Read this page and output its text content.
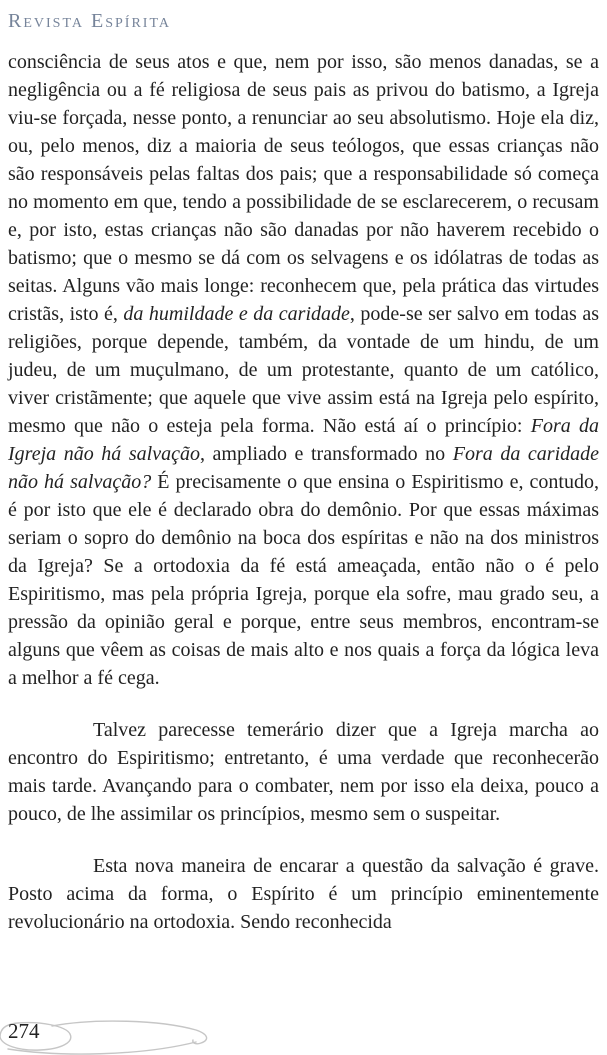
Revista Espírita

consciência de seus atos e que, nem por isso, são menos danadas, se a negligência ou a fé religiosa de seus pais as privou do batismo, a Igreja viu-se forçada, nesse ponto, a renunciar ao seu absolutismo. Hoje ela diz, ou, pelo menos, diz a maioria de seus teólogos, que essas crianças não são responsáveis pelas faltas dos pais; que a responsabilidade só começa no momento em que, tendo a possibilidade de se esclarecerem, o recusam e, por isto, estas crianças não são danadas por não haverem recebido o batismo; que o mesmo se dá com os selvagens e os idólatras de todas as seitas. Alguns vão mais longe: reconhecem que, pela prática das virtudes cristãs, isto é, da humildade e da caridade, pode-se ser salvo em todas as religiões, porque depende, também, da vontade de um hindu, de um judeu, de um muçulmano, de um protestante, quanto de um católico, viver cristãmente; que aquele que vive assim está na Igreja pelo espírito, mesmo que não o esteja pela forma. Não está aí o princípio: Fora da Igreja não há salvação, ampliado e transformado no Fora da caridade não há salvação? É precisamente o que ensina o Espiritismo e, contudo, é por isto que ele é declarado obra do demônio. Por que essas máximas seriam o sopro do demônio na boca dos espíritas e não na dos ministros da Igreja? Se a ortodoxia da fé está ameaçada, então não o é pelo Espiritismo, mas pela própria Igreja, porque ela sofre, mau grado seu, a pressão da opinião geral e porque, entre seus membros, encontram-se alguns que vêem as coisas de mais alto e nos quais a força da lógica leva a melhor a fé cega.

Talvez parecesse temerário dizer que a Igreja marcha ao encontro do Espiritismo; entretanto, é uma verdade que reconhecerão mais tarde. Avançando para o combater, nem por isso ela deixa, pouco a pouco, de lhe assimilar os princípios, mesmo sem o suspeitar.

Esta nova maneira de encarar a questão da salvação é grave. Posto acima da forma, o Espírito é um princípio eminentemente revolucionário na ortodoxia. Sendo reconhecida

274
